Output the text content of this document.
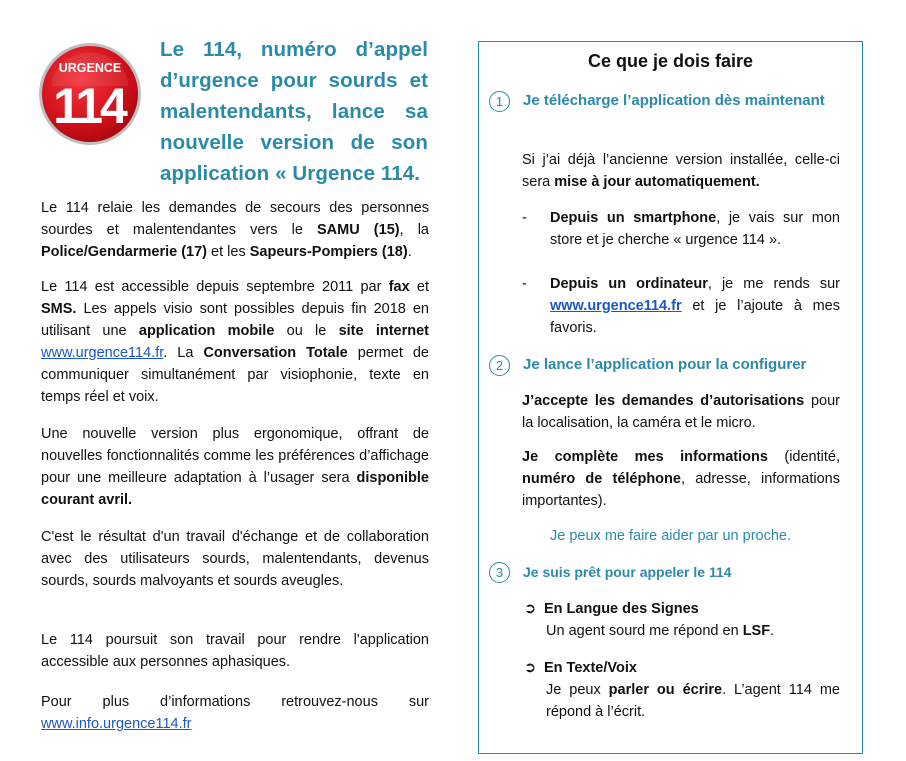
URGENCE
114
Le 114, numéro d’appel d’urgence pour sourds et malentendants, lance sa nouvelle version de son application « Urgence 114.

Le 114 relaie les demandes de secours des personnes sourdes et malentendantes vers le SAMU (15), la Police/Gendarmerie (17) et les Sapeurs-Pompiers (18).

Le 114 est accessible depuis septembre 2011 par fax et SMS. Les appels visio sont possibles depuis fin 2018 en utilisant une application mobile ou le site internet www.urgence114.fr. La Conversation Totale permet de communiquer simultanément par visiophonie, texte en temps réel et voix.

Une nouvelle version plus ergonomique, offrant de nouvelles fonctionnalités comme les préférences d’affichage pour une meilleure adaptation à l’usager sera disponible courant avril.

C'est le résultat d'un travail d'échange et de collaboration avec des utilisateurs sourds, malentendants, devenus sourds, sourds malvoyants et sourds aveugles.

Le 114 poursuit son travail pour rendre l'application accessible aux personnes aphasiques.

Pour plus d’informations retrouvez-nous sur

www.info.urgence114.fr
Ce que je dois faire
1	Je télécharge l’application dès maintenant

Si j’ai déjà l’ancienne version installée, celle-ci sera mise à jour automatiquement.

-	Depuis un smartphone, je vais sur mon store et je cherche « urgence 114 ».
-	Depuis un ordinateur, je me rends sur www.urgence114.fr et je l’ajoute à mes favoris.
2	Je lance l’application pour la configurer

J’accepte les demandes d’autorisations pour la localisation, la caméra et le micro.

Je complète mes informations (identité, numéro de téléphone, adresse, informations importantes).

Je peux me faire aider par un proche.
3	Je suis prêt pour appeler le 114
➲ En Langue des Signes
Un agent sourd me répond en LSF.
➲ En Texte/Voix
Je peux parler ou écrire. L’agent 114 me répond à l’écrit.
